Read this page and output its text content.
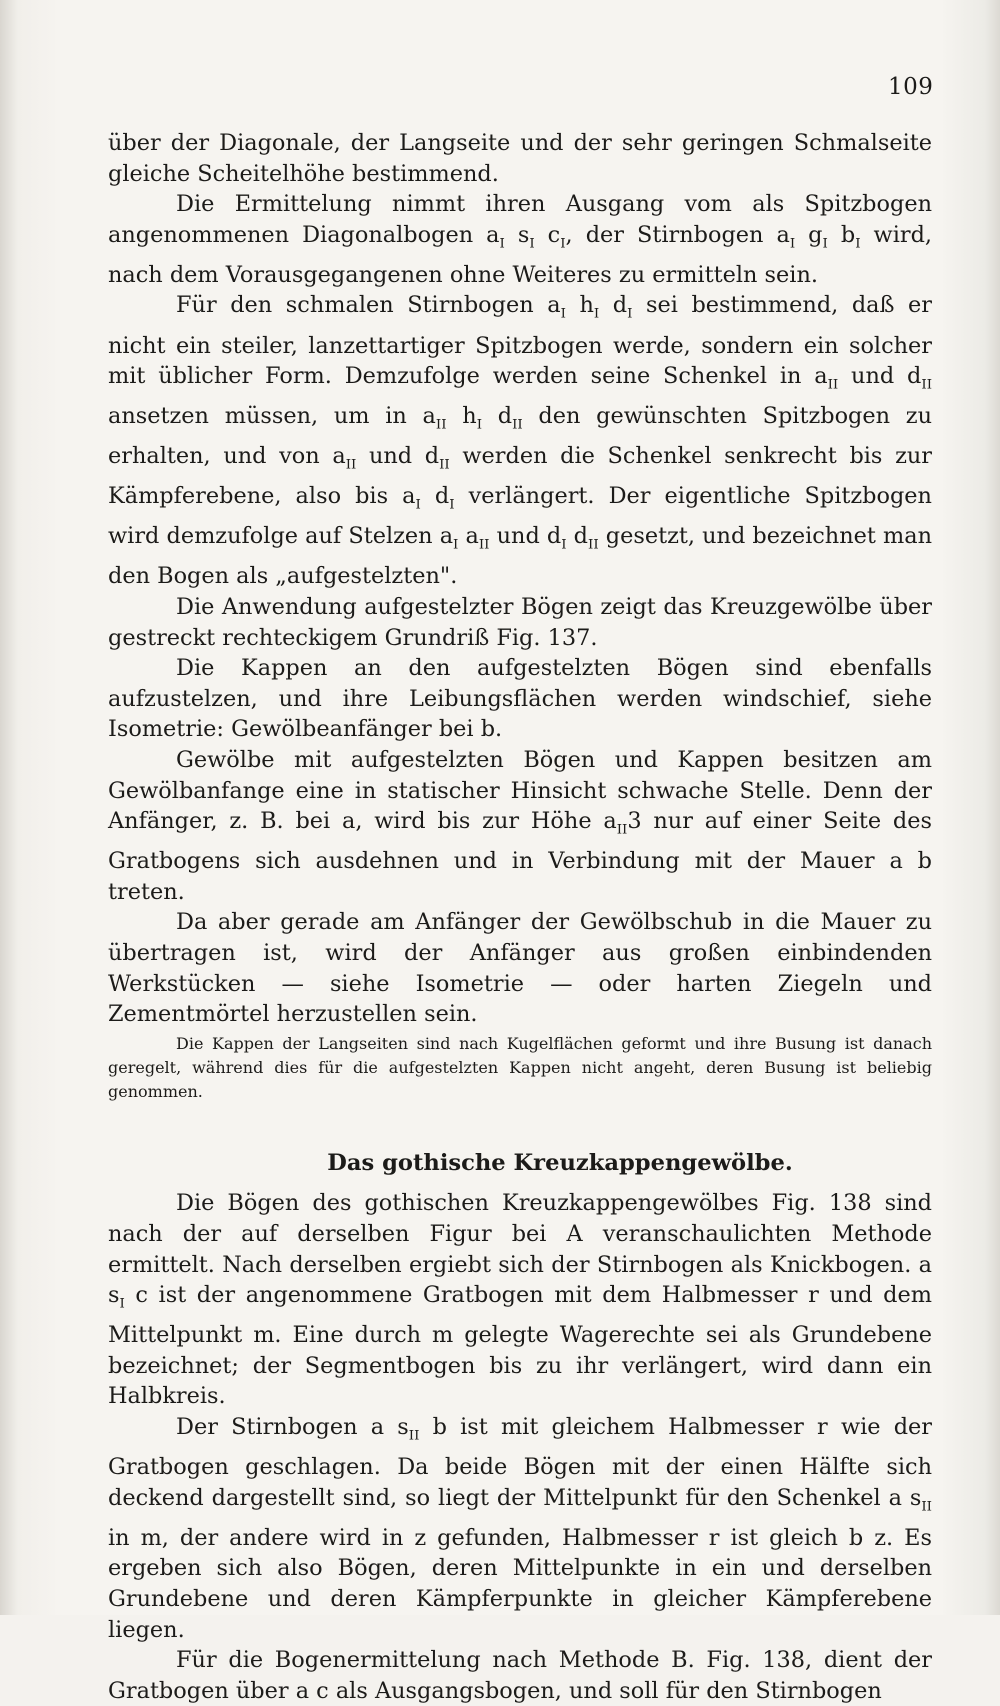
109

über der Diagonale, der Langseite und der sehr geringen Schmalseite gleiche Scheitelhöhe bestimmend.

Die Ermittelung nimmt ihren Ausgang vom als Spitzbogen angenommenen Diagonalbogen $a_I$ $s_I$ $c_I$, der Stirnbogen $a_I$ $g_I$ $b_I$ wird, nach dem Vorausgegangenen ohne Weiteres zu ermitteln sein.

Für den schmalen Stirnbogen $a_I$ $h_I$ $d_I$ sei bestimmend, daß er nicht ein steiler, lanzettartiger Spitzbogen werde, sondern ein solcher mit üblicher Form. Demzufolge werden seine Schenkel in $a_{II}$ und $d_{II}$ ansetzen müssen, um in $a_{II}$ $h_I$ $d_{II}$ den gewünschten Spitzbogen zu erhalten, und von $a_{II}$ und $d_{II}$ werden die Schenkel senkrecht bis zur Kämpferebene, also bis $a_I$ $d_I$ verlängert. Der eigentliche Spitzbogen wird demzufolge auf Stelzen $a_I$ $a_{II}$ und $d_I$ $d_{II}$ gesetzt, und bezeichnet man den Bogen als „aufgestelzten".

Die Anwendung aufgestelzter Bögen zeigt das Kreuzgewölbe über gestreckt rechteckigem Grundriß Fig. 137.

Die Kappen an den aufgestelzten Bögen sind ebenfalls aufzustelzen, und ihre Leibungsflächen werden windschief, siehe Isometrie: Gewölbeanfänger bei b.

Gewölbe mit aufgestelzten Bögen und Kappen besitzen am Gewölbanfange eine in statischer Hinsicht schwache Stelle. Denn der Anfänger, z. B. bei a, wird bis zur Höhe $a_{II}3$ nur auf einer Seite des Gratbogens sich ausdehnen und in Verbindung mit der Mauer a b treten.

Da aber gerade am Anfänger der Gewölbschub in die Mauer zu übertragen ist, wird der Anfänger aus großen einbindenden Werkstücken — siehe Isometrie — oder harten Ziegeln und Zementmörtel herzustellen sein.

Die Kappen der Langseiten sind nach Kugelflächen geformt und ihre Busung ist danach geregelt, während dies für die aufgestelzten Kappen nicht angeht, deren Busung ist beliebig genommen.

Das gothische Kreuzkappengewölbe.

Die Bögen des gothischen Kreuzkappengewölbes Fig. 138 sind nach der auf derselben Figur bei A veranschaulichten Methode ermittelt. Nach derselben ergiebt sich der Stirnbogen als Knickbogen. a $s_I$ c ist der angenommene Gratbogen mit dem Halbmesser r und dem Mittelpunkt m. Eine durch m gelegte Wagerechte sei als Grundebene bezeichnet; der Segmentbogen bis zu ihr verlängert, wird dann ein Halbkreis.

Der Stirnbogen a $s_{II}$ b ist mit gleichem Halbmesser r wie der Gratbogen geschlagen. Da beide Bögen mit der einen Hälfte sich deckend dargestellt sind, so liegt der Mittelpunkt für den Schenkel a $s_{II}$ in m, der andere wird in z gefunden, Halbmesser r ist gleich b z. Es ergeben sich also Bögen, deren Mittelpunkte in ein und derselben Grundebene und deren Kämpferpunkte in gleicher Kämpferebene liegen.

Für die Bogenermittelung nach Methode B. Fig. 138, dient der Gratbogen über a c als Ausgangsbogen, und soll für den Stirnbogen
